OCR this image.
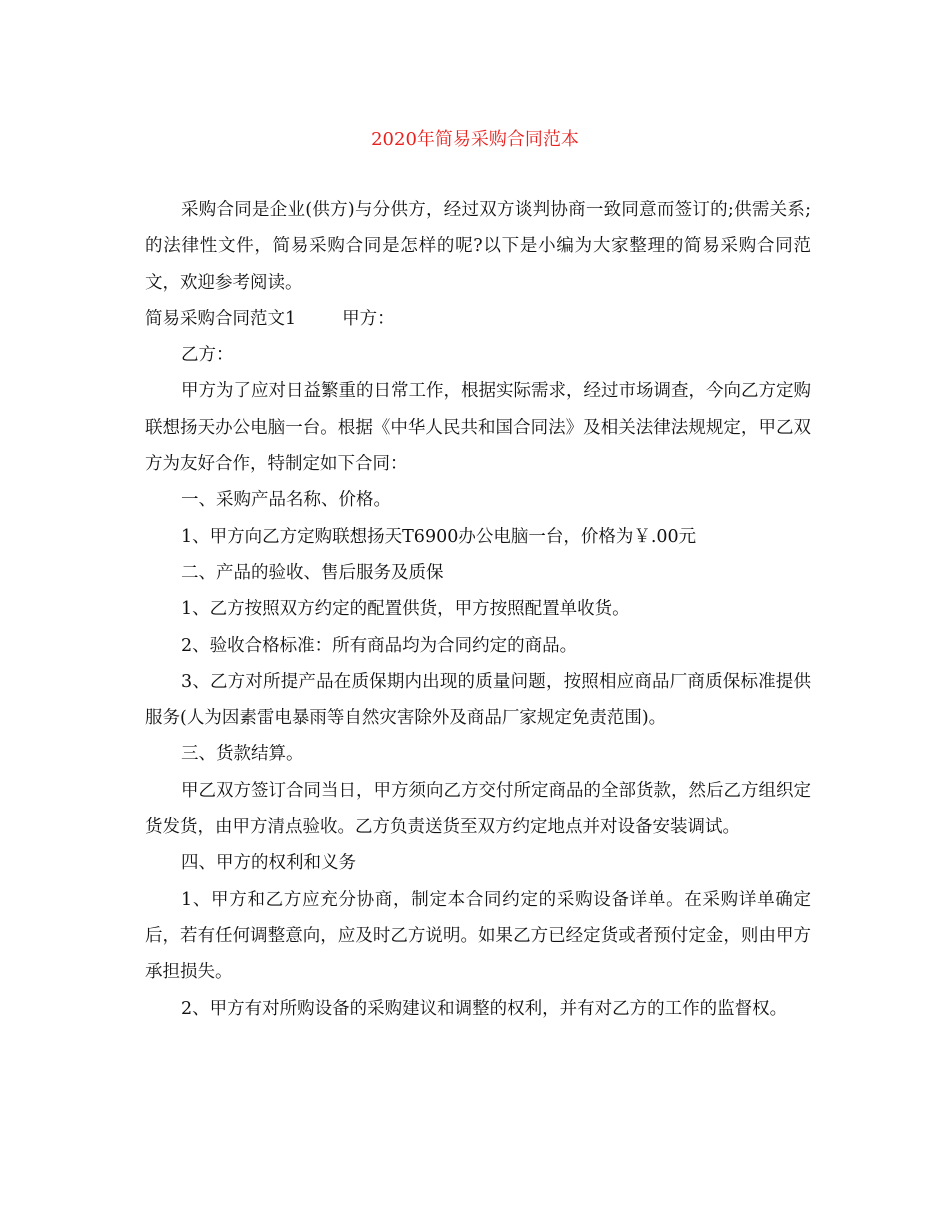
2020年简易采购合同范本

采购合同是企业(供方)与分供方，经过双方谈判协商一致同意而签订的;供需关系;的法律性文件，简易采购合同是怎样的呢?以下是小编为大家整理的简易采购合同范文，欢迎参考阅读。

简易采购合同范文1	甲方：

乙方：

甲方为了应对日益繁重的日常工作，根据实际需求，经过市场调查，今向乙方定购联想扬天办公电脑一台。根据《中华人民共和国合同法》及相关法律法规规定，甲乙双方为友好合作，特制定如下合同：

一、采购产品名称、价格。

1、甲方向乙方定购联想扬天T6900办公电脑一台，价格为￥.00元

二、产品的验收、售后服务及质保

1、乙方按照双方约定的配置供货，甲方按照配置单收货。

2、验收合格标准：所有商品均为合同约定的商品。

3、乙方对所提产品在质保期内出现的质量问题，按照相应商品厂商质保标准提供服务(人为因素雷电暴雨等自然灾害除外及商品厂家规定免责范围)。

三、货款结算。

甲乙双方签订合同当日，甲方须向乙方交付所定商品的全部货款，然后乙方组织定货发货，由甲方清点验收。乙方负责送货至双方约定地点并对设备安装调试。

四、甲方的权利和义务

1、甲方和乙方应充分协商，制定本合同约定的采购设备详单。在采购详单确定后，若有任何调整意向，应及时乙方说明。如果乙方已经定货或者预付定金，则由甲方承担损失。

2、甲方有对所购设备的采购建议和调整的权利，并有对乙方的工作的监督权。
